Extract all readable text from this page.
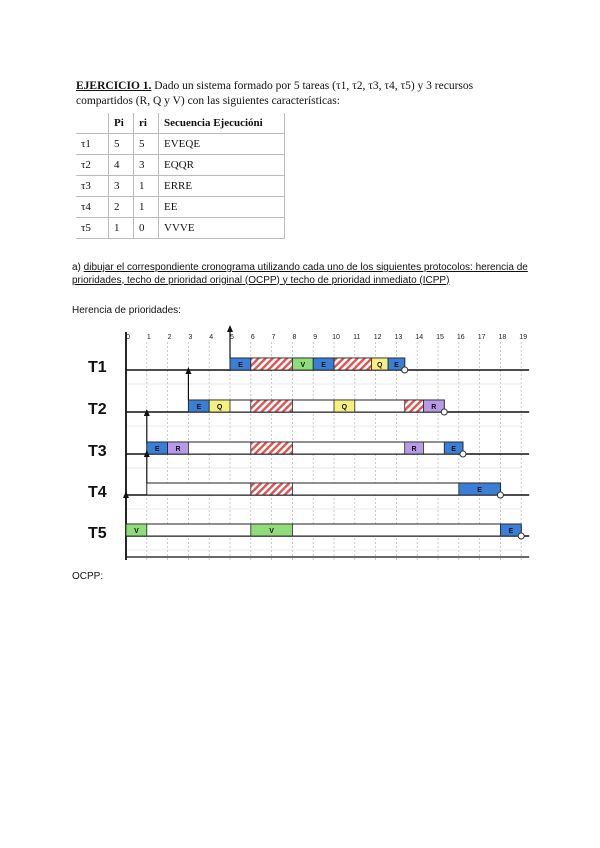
EJERCICIO 1. Dado un sistema formado por 5 tareas (τ1, τ2, τ3, τ4, τ5) y 3 recursos compartidos (R, Q y V) con las siguientes características:
	Pi	ri	Secuencia Ejecucióni
τ1	5	5	EVEQE
τ2	4	3	EQQR
τ3	3	1	ERRE
τ4	2	1	EE
τ5	1	0	VVVE
a) dibujar el correspondiente cronograma utilizando cada uno de los siguientes protocolos: herencia de prioridades, techo de prioridad original (OCPP) y techo de prioridad inmediato (ICPP)
Herencia de prioridades:
T1	E	V E	Q E
T2	E Q	Q	R
T3	E R	R	E
T4	E
T5	V	V	E
0 1 2 3 4 5 6 7 8 9 10 11 12 13 14 15 16 17 18 19
OCPP:
